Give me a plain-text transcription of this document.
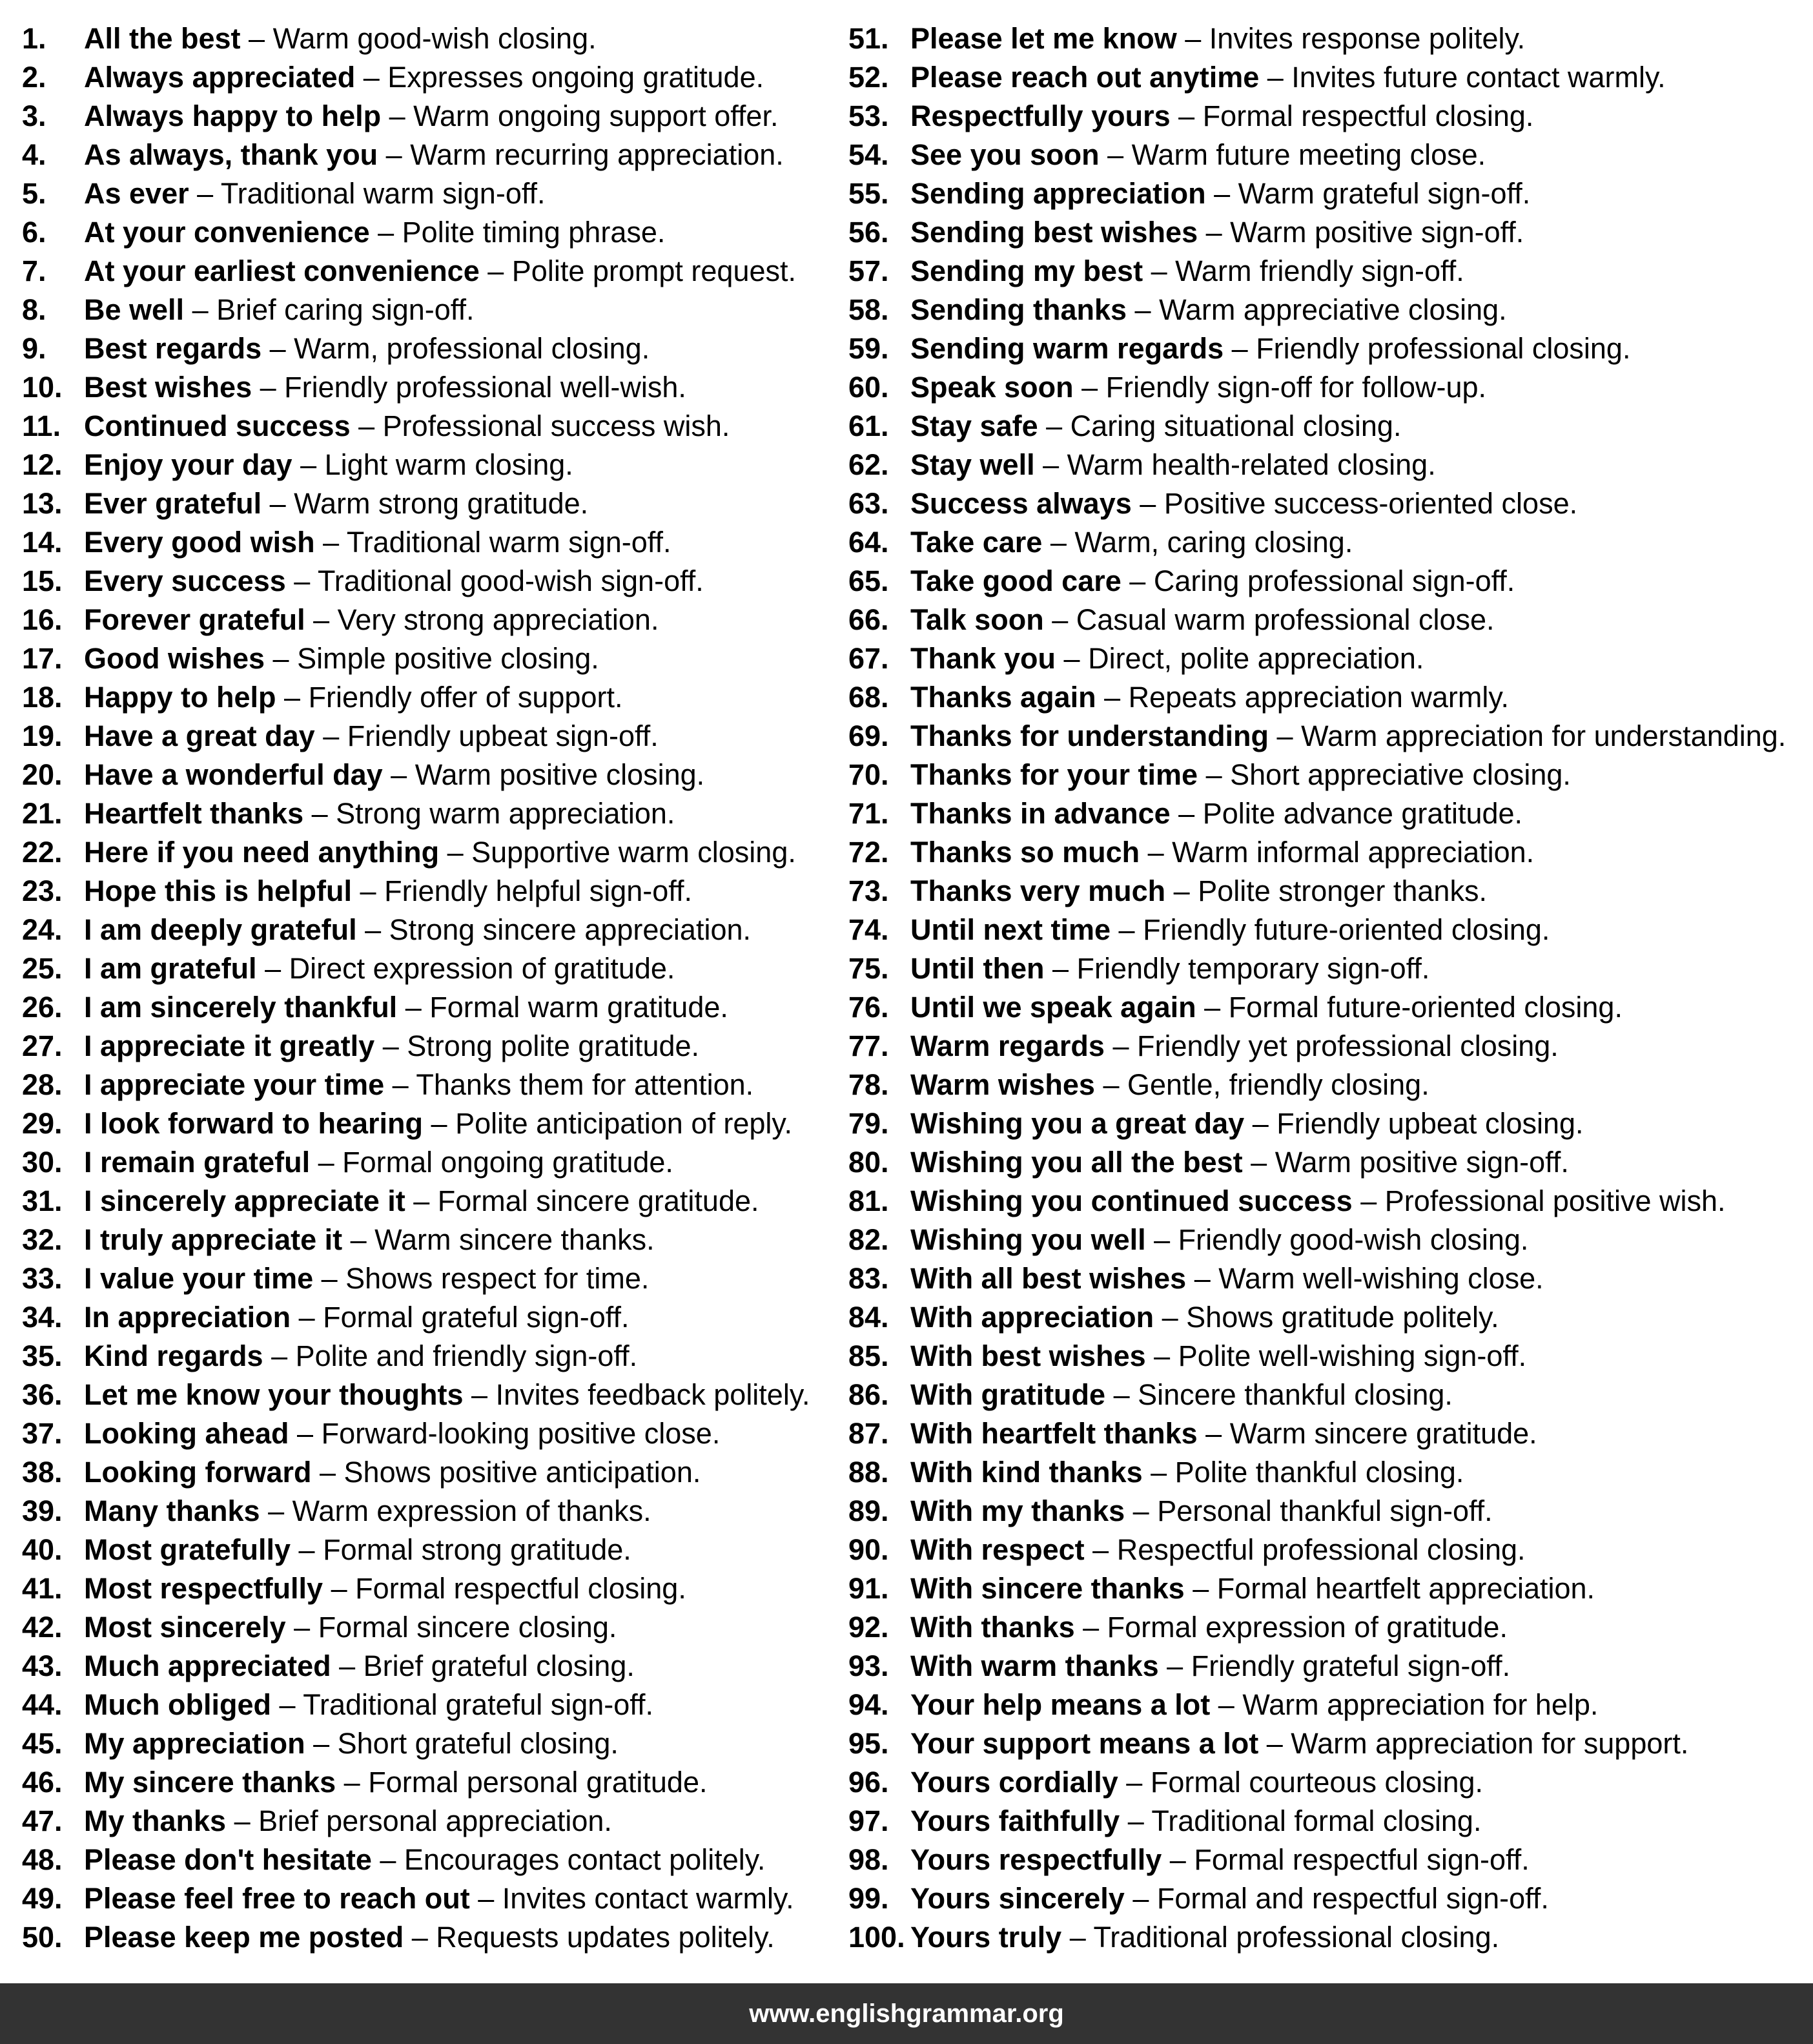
1. All the best – Warm good-wish closing.
2. Always appreciated – Expresses ongoing gratitude.
3. Always happy to help – Warm ongoing support offer.
4. As always, thank you – Warm recurring appreciation.
5. As ever – Traditional warm sign-off.
6. At your convenience – Polite timing phrase.
7. At your earliest convenience – Polite prompt request.
8. Be well – Brief caring sign-off.
9. Best regards – Warm, professional closing.
10. Best wishes – Friendly professional well-wish.
11. Continued success – Professional success wish.
12. Enjoy your day – Light warm closing.
13. Ever grateful – Warm strong gratitude.
14. Every good wish – Traditional warm sign-off.
15. Every success – Traditional good-wish sign-off.
16. Forever grateful – Very strong appreciation.
17. Good wishes – Simple positive closing.
18. Happy to help – Friendly offer of support.
19. Have a great day – Friendly upbeat sign-off.
20. Have a wonderful day – Warm positive closing.
21. Heartfelt thanks – Strong warm appreciation.
22. Here if you need anything – Supportive warm closing.
23. Hope this is helpful – Friendly helpful sign-off.
24. I am deeply grateful – Strong sincere appreciation.
25. I am grateful – Direct expression of gratitude.
26. I am sincerely thankful – Formal warm gratitude.
27. I appreciate it greatly – Strong polite gratitude.
28. I appreciate your time – Thanks them for attention.
29. I look forward to hearing – Polite anticipation of reply.
30. I remain grateful – Formal ongoing gratitude.
31. I sincerely appreciate it – Formal sincere gratitude.
32. I truly appreciate it – Warm sincere thanks.
33. I value your time – Shows respect for time.
34. In appreciation – Formal grateful sign-off.
35. Kind regards – Polite and friendly sign-off.
36. Let me know your thoughts – Invites feedback politely.
37. Looking ahead – Forward-looking positive close.
38. Looking forward – Shows positive anticipation.
39. Many thanks – Warm expression of thanks.
40. Most gratefully – Formal strong gratitude.
41. Most respectfully – Formal respectful closing.
42. Most sincerely – Formal sincere closing.
43. Much appreciated – Brief grateful closing.
44. Much obliged – Traditional grateful sign-off.
45. My appreciation – Short grateful closing.
46. My sincere thanks – Formal personal gratitude.
47. My thanks – Brief personal appreciation.
48. Please don't hesitate – Encourages contact politely.
49. Please feel free to reach out – Invites contact warmly.
50. Please keep me posted – Requests updates politely.
51. Please let me know – Invites response politely.
52. Please reach out anytime – Invites future contact warmly.
53. Respectfully yours – Formal respectful closing.
54. See you soon – Warm future meeting close.
55. Sending appreciation – Warm grateful sign-off.
56. Sending best wishes – Warm positive sign-off.
57. Sending my best – Warm friendly sign-off.
58. Sending thanks – Warm appreciative closing.
59. Sending warm regards – Friendly professional closing.
60. Speak soon – Friendly sign-off for follow-up.
61. Stay safe – Caring situational closing.
62. Stay well – Warm health-related closing.
63. Success always – Positive success-oriented close.
64. Take care – Warm, caring closing.
65. Take good care – Caring professional sign-off.
66. Talk soon – Casual warm professional close.
67. Thank you – Direct, polite appreciation.
68. Thanks again – Repeats appreciation warmly.
69. Thanks for understanding – Warm appreciation for understanding.
70. Thanks for your time – Short appreciative closing.
71. Thanks in advance – Polite advance gratitude.
72. Thanks so much – Warm informal appreciation.
73. Thanks very much – Polite stronger thanks.
74. Until next time – Friendly future-oriented closing.
75. Until then – Friendly temporary sign-off.
76. Until we speak again – Formal future-oriented closing.
77. Warm regards – Friendly yet professional closing.
78. Warm wishes – Gentle, friendly closing.
79. Wishing you a great day – Friendly upbeat closing.
80. Wishing you all the best – Warm positive sign-off.
81. Wishing you continued success – Professional positive wish.
82. Wishing you well – Friendly good-wish closing.
83. With all best wishes – Warm well-wishing close.
84. With appreciation – Shows gratitude politely.
85. With best wishes – Polite well-wishing sign-off.
86. With gratitude – Sincere thankful closing.
87. With heartfelt thanks – Warm sincere gratitude.
88. With kind thanks – Polite thankful closing.
89. With my thanks – Personal thankful sign-off.
90. With respect – Respectful professional closing.
91. With sincere thanks – Formal heartfelt appreciation.
92. With thanks – Formal expression of gratitude.
93. With warm thanks – Friendly grateful sign-off.
94. Your help means a lot – Warm appreciation for help.
95. Your support means a lot – Warm appreciation for support.
96. Yours cordially – Formal courteous closing.
97. Yours faithfully – Traditional formal closing.
98. Yours respectfully – Formal respectful sign-off.
99. Yours sincerely – Formal and respectful sign-off.
100. Yours truly – Traditional professional closing.
www.englishgrammar.org
